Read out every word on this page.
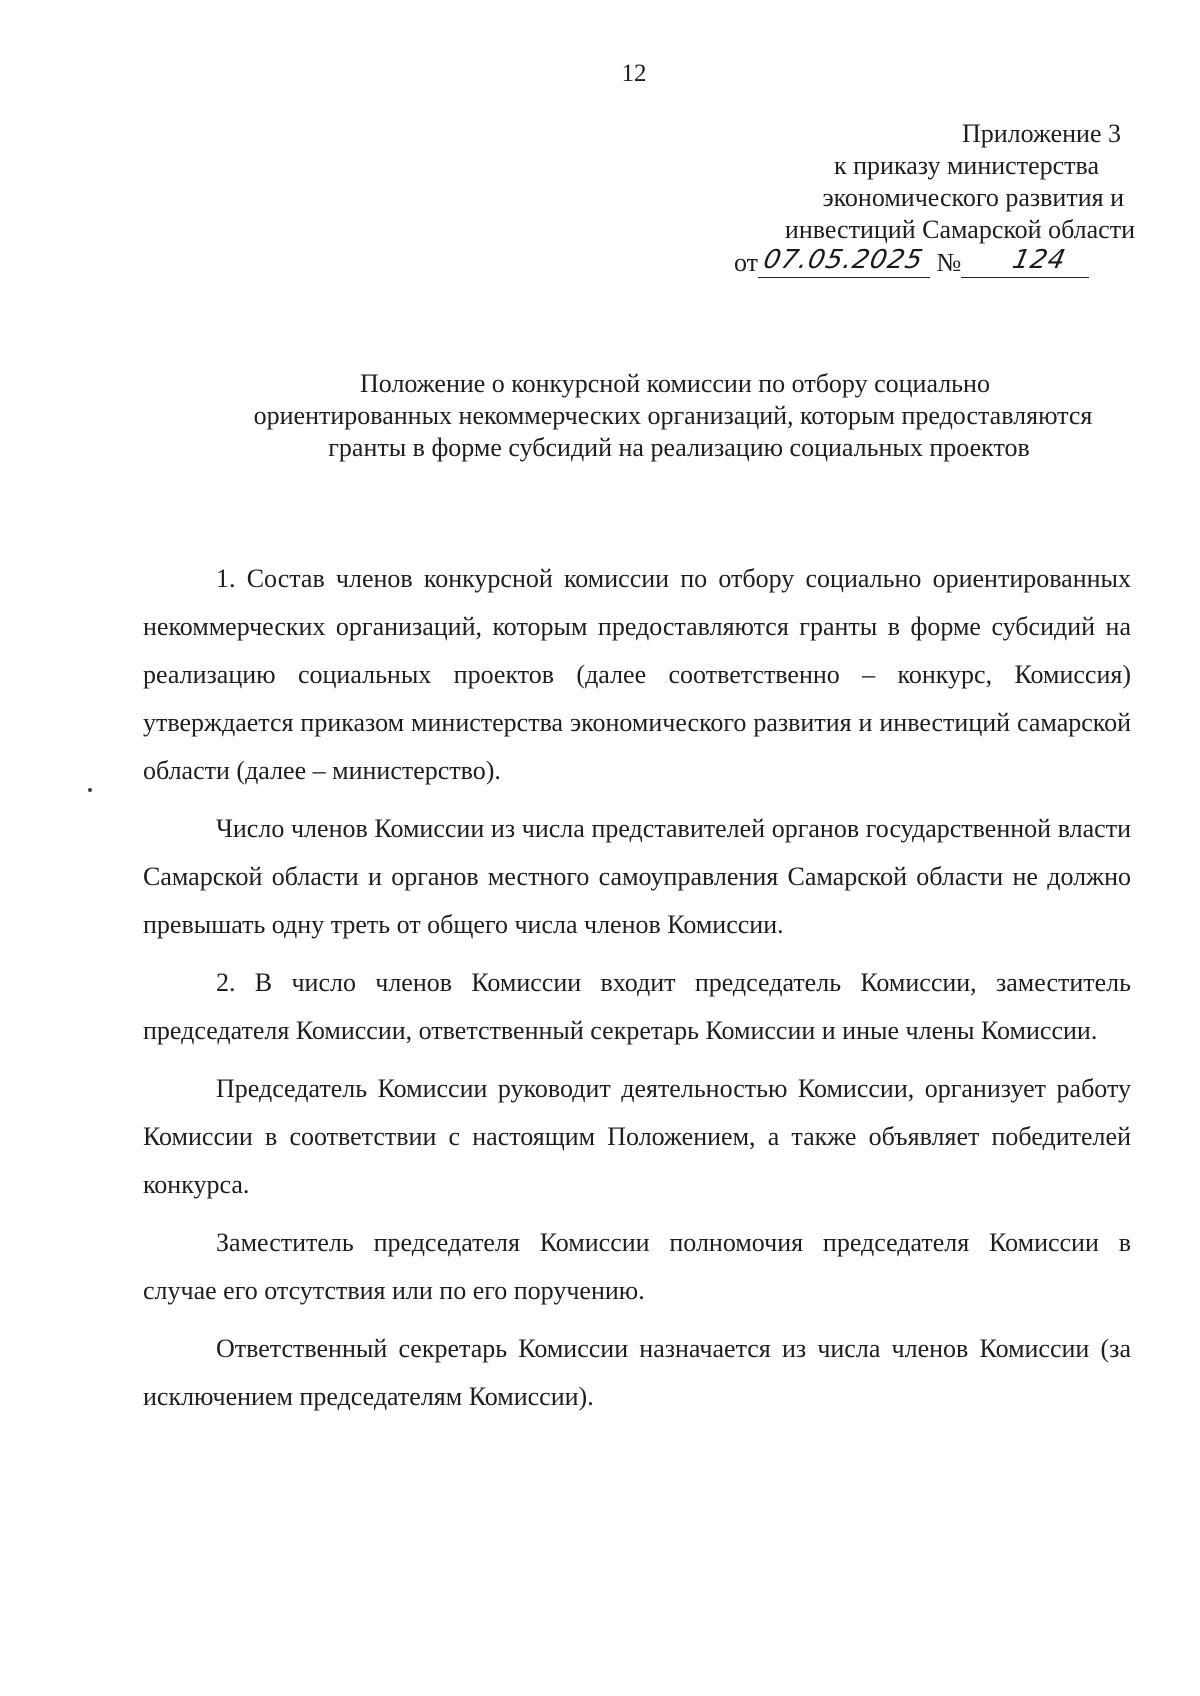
12
Приложение 3
к приказу министерства
экономического развития и
инвестиций Самарской области
от 07.05.2025 № 124
Положение о конкурсной комиссии по отбору социально
ориентированных некоммерческих организаций, которым предоставляются
гранты в форме субсидий на реализацию социальных проектов

1. Состав членов конкурсной комиссии по отбору социально ориентированных некоммерческих организаций, которым предоставляются гранты в форме субсидий на реализацию социальных проектов (далее соответственно – конкурс, Комиссия) утверждается приказом министерства экономического развития и инвестиций самарской области (далее – министерство).

Число членов Комиссии из числа представителей органов государственной власти Самарской области и органов местного самоуправления Самарской области не должно превышать одну треть от общего числа членов Комиссии.

2. В число членов Комиссии входит председатель Комиссии, заместитель председателя Комиссии, ответственный секретарь Комиссии и иные члены Комиссии.

Председатель Комиссии руководит деятельностью Комиссии, организует работу Комиссии в соответствии с настоящим Положением, а также объявляет победителей конкурса.

Заместитель председателя Комиссии полномочия председателя Комиссии в случае его отсутствия или по его поручению.

Ответственный секретарь Комиссии назначается из числа членов Комиссии (за исключением председателям Комиссии).
